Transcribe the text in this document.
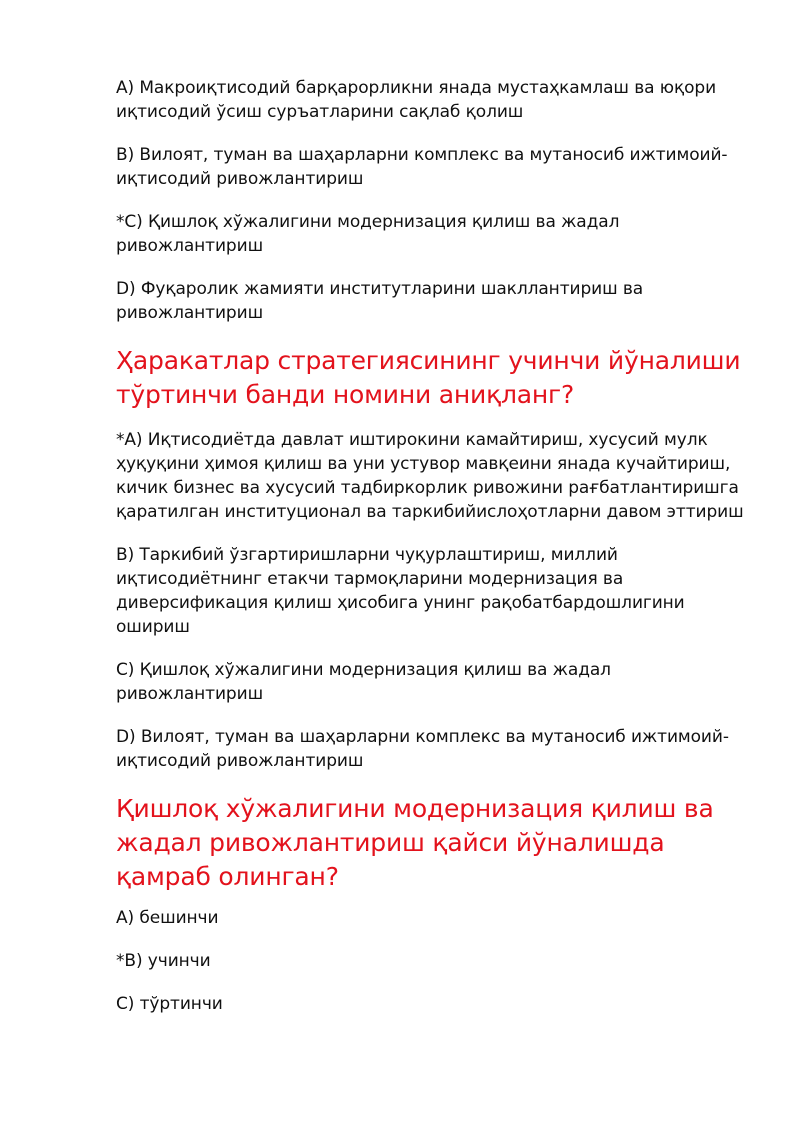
A) Макроиқтисодий барқарорликни янада мустаҳкамлаш ва юқори иқтисодий ўсиш суръатларини сақлаб қолиш
B) Вилоят, туман ва шаҳарларни комплекс ва мутаносиб ижтимоий-иқтисодий ривожлантириш
*C) Қишлоқ хўжалигини модернизация қилиш ва жадал ривожлантириш
D) Фуқаролик жамияти институтларини шакллантириш ва ривожлантириш
Ҳаракатлар стратегиясининг учинчи йўналиши тўртинчи банди номини аниқланг?
*A) Иқтисодиётда давлат иштирокини камайтириш, хусусий мулк ҳуқуқини ҳимоя қилиш ва уни устувор мавқеини янада кучайтириш, кичик бизнес ва хусусий тадбиркорлик ривожини рағбатлантиришга қаратилган институционал ва таркибийислоҳотларни давом эттириш
B) Таркибий ўзгартиришларни чуқурлаштириш, миллий иқтисодиётнинг етакчи тармоқларини модернизация ва диверсификация қилиш ҳисобига унинг рақобатбардошлигини ошириш
C) Қишлоқ хўжалигини модернизация қилиш ва жадал ривожлантириш
D) Вилоят, туман ва шаҳарларни комплекс ва мутаносиб ижтимоий-иқтисодий ривожлантириш
Қишлоқ хўжалигини модернизация қилиш ва жадал ривожлантириш қайси йўналишда қамраб олинган?
A) бешинчи
*B) учинчи
C) тўртинчи
